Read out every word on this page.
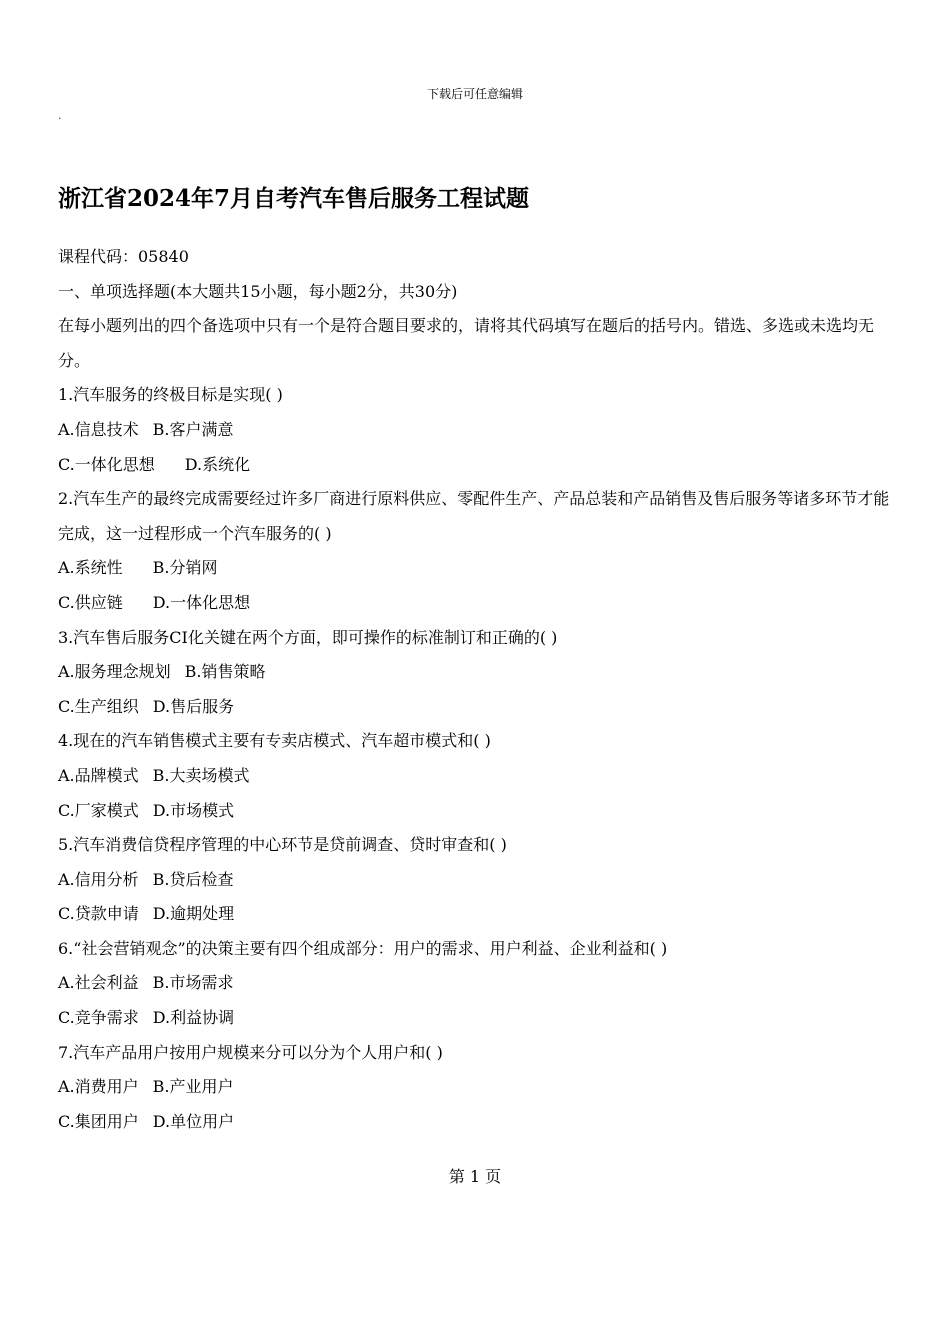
下载后可任意编辑
.
浙江省2024年7月自考汽车售后服务工程试题
课程代码：05840
一、单项选择题(本大题共15小题，每小题2分，共30分)
在每小题列出的四个备选项中只有一个是符合题目要求的，请将其代码填写在题后的括号内。错选、多选或未选均无分。
1.汽车服务的终极目标是实现( )
A.信息技术 B.客户满意
C.一体化思想 D.系统化
2.汽车生产的最终完成需要经过许多厂商进行原料供应、零配件生产、产品总装和产品销售及售后服务等诸多环节才能完成，这一过程形成一个汽车服务的( )
A.系统性 B.分销网
C.供应链 D.一体化思想
3.汽车售后服务CI化关键在两个方面，即可操作的标准制订和正确的( )
A.服务理念规划 B.销售策略
C.生产组织 D.售后服务
4.现在的汽车销售模式主要有专卖店模式、汽车超市模式和( )
A.品牌模式 B.大卖场模式
C.厂家模式 D.市场模式
5.汽车消费信贷程序管理的中心环节是贷前调查、贷时审查和( )
A.信用分析 B.贷后检查
C.贷款申请 D.逾期处理
6.“社会营销观念”的决策主要有四个组成部分：用户的需求、用户利益、企业利益和( )
A.社会利益 B.市场需求
C.竞争需求 D.利益协调
7.汽车产品用户按用户规模来分可以分为个人用户和( )
A.消费用户 B.产业用户
C.集团用户 D.单位用户
第 1 页
